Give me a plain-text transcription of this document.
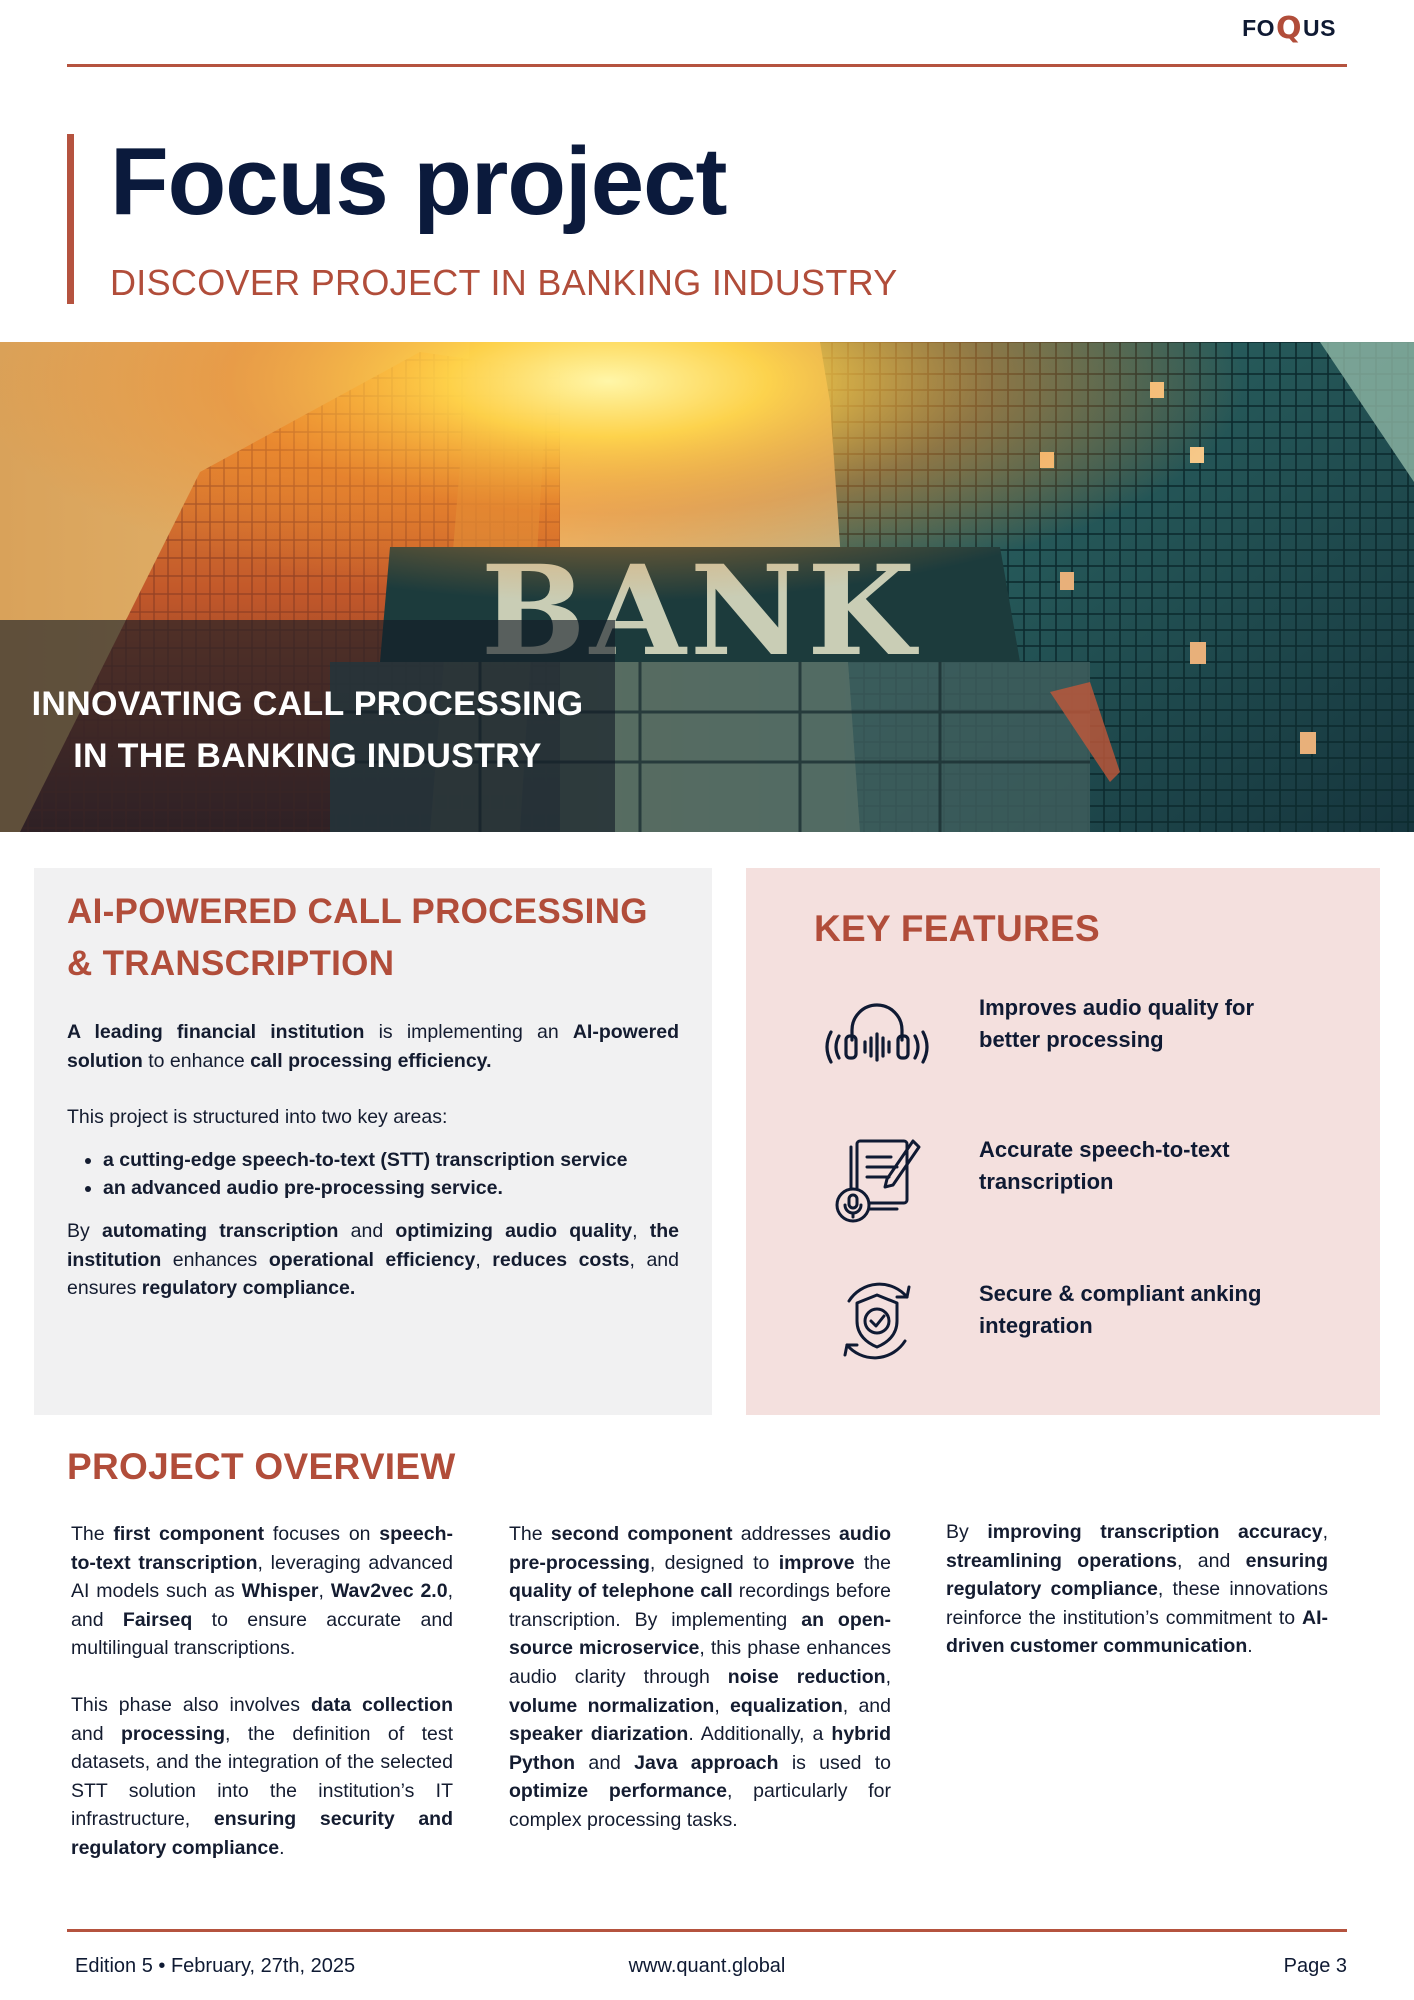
FO Q US
Focus project
DISCOVER PROJECT IN BANKING INDUSTRY
INNOVATING CALL PROCESSING
IN THE BANKING INDUSTRY
AI-POWERED CALL PROCESSING
& TRANSCRIPTION

A leading financial institution is implementing an AI-powered solution to enhance call processing efficiency.

This project is structured into two key areas:

• a cutting-edge speech-to-text (STT) transcription service
• an advanced audio pre-processing service.

By automating transcription and optimizing audio quality, the institution enhances operational efficiency, reduces costs, and ensures regulatory compliance.

KEY FEATURES
Improves audio quality for better processing
Accurate speech-to-text transcription
Secure & compliant anking integration
PROJECT OVERVIEW

The first component focuses on speech-to-text transcription, leveraging advanced AI models such as Whisper, Wav2vec 2.0, and Fairseq to ensure accurate and multilingual transcriptions.

This phase also involves data collection and processing, the definition of test datasets, and the integration of the selected STT solution into the institution’s IT infrastructure, ensuring security and regulatory compliance.

The second component addresses audio pre-processing, designed to improve the quality of telephone call recordings before transcription. By implementing an open-source microservice, this phase enhances audio clarity through noise reduction, volume normalization, equalization, and speaker diarization. Additionally, a hybrid Python and Java approach is used to optimize performance, particularly for complex processing tasks.

By improving transcription accuracy, streamlining operations, and ensuring regulatory compliance, these innovations reinforce the institution’s commitment to AI-driven customer communication.

Edition 5 • February, 27th, 2025	www.quant.global	Page 3
